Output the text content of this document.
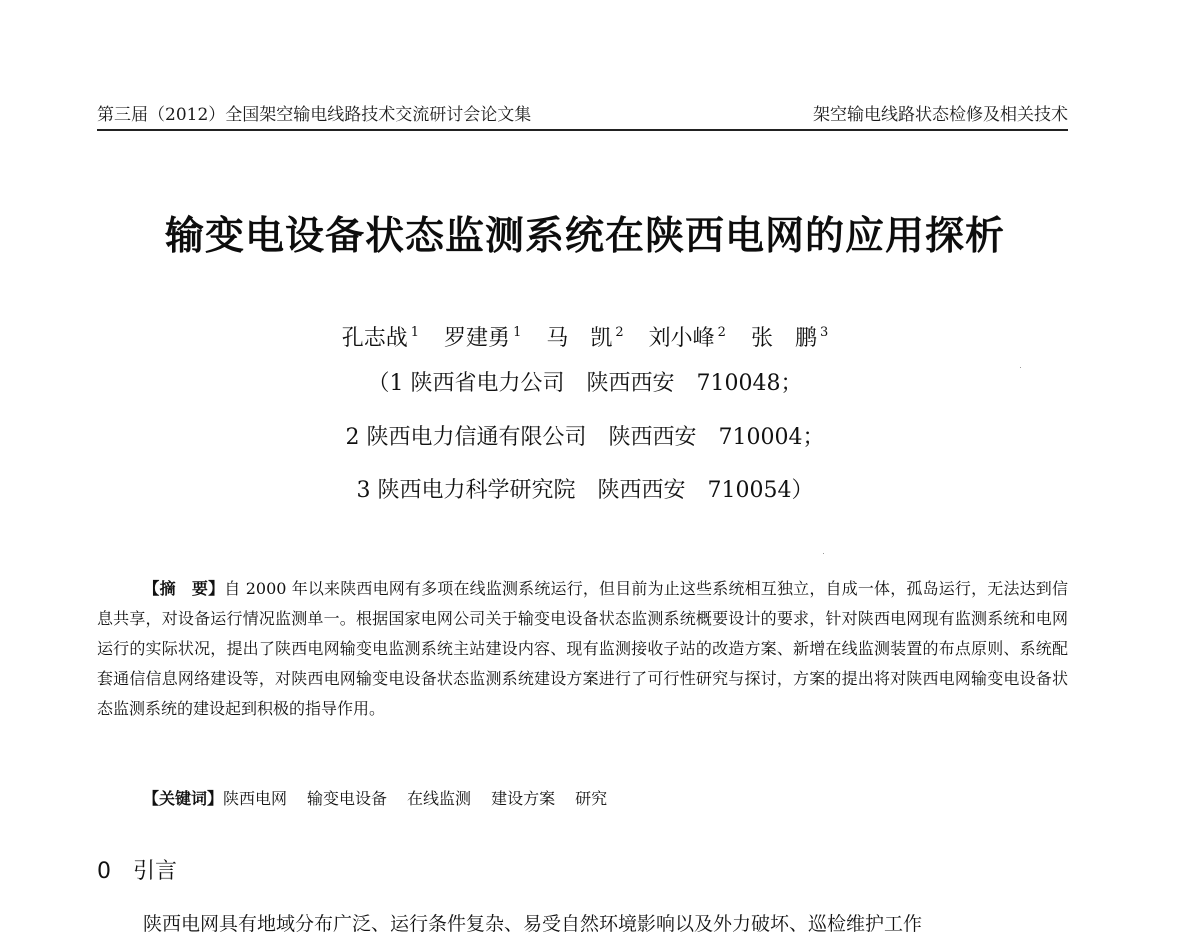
第三届（2012）全国架空输电线路技术交流研讨会论文集	架空输电线路状态检修及相关技术
输变电设备状态监测系统在陕西电网的应用探析
孔志战 $^1$ 罗建勇 $^1$ 马　凯 $^2$ 刘小峰 $^2$ 张　鹏 $^3$
（1 陕西省电力公司　陕西西安　710048；
2 陕西电力信通有限公司　陕西西安　710004；
3 陕西电力科学研究院　陕西西安　710054）
【摘　要】自 2000 年以来陕西电网有多项在线监测系统运行，但目前为止这些系统相互独立，自成一体，孤岛运行，无法达到信息共享，对设备运行情况监测单一。根据国家电网公司关于输变电设备状态监测系统概要设计的要求，针对陕西电网现有监测系统和电网运行的实际状况，提出了陕西电网输变电监测系统主站建设内容、现有监测接收子站的改造方案、新增在线监测装置的布点原则、系统配套通信信息网络建设等，对陕西电网输变电设备状态监测系统建设方案进行了可行性研究与探讨，方案的提出将对陕西电网输变电设备状态监测系统的建设起到积极的指导作用。
【关键词】陕西电网 输变电设备 在线监测 建设方案 研究
0 引言
陕西电网具有地域分布广泛、运行条件复杂、易受自然环境影响以及外力破坏、巡检维护工作
